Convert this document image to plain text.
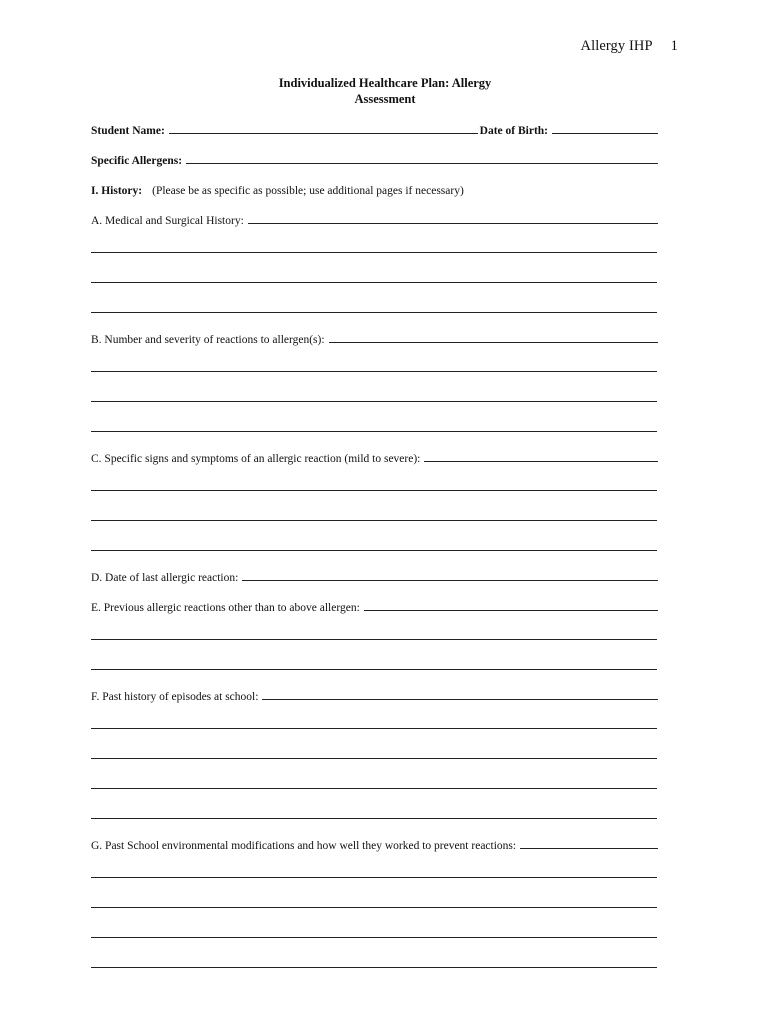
Allergy IHP 1
Individualized Healthcare Plan: Allergy
Assessment
Student Name:	Date of Birth:
Specific Allergens:
I. History: (Please be as specific as possible; use additional pages if necessary)
A. Medical and Surgical History:
B. Number and severity of reactions to allergen(s):
C. Specific signs and symptoms of an allergic reaction (mild to severe):
D. Date of last allergic reaction:
E. Previous allergic reactions other than to above allergen:
F. Past history of episodes at school:
G. Past School environmental modifications and how well they worked to prevent reactions:
